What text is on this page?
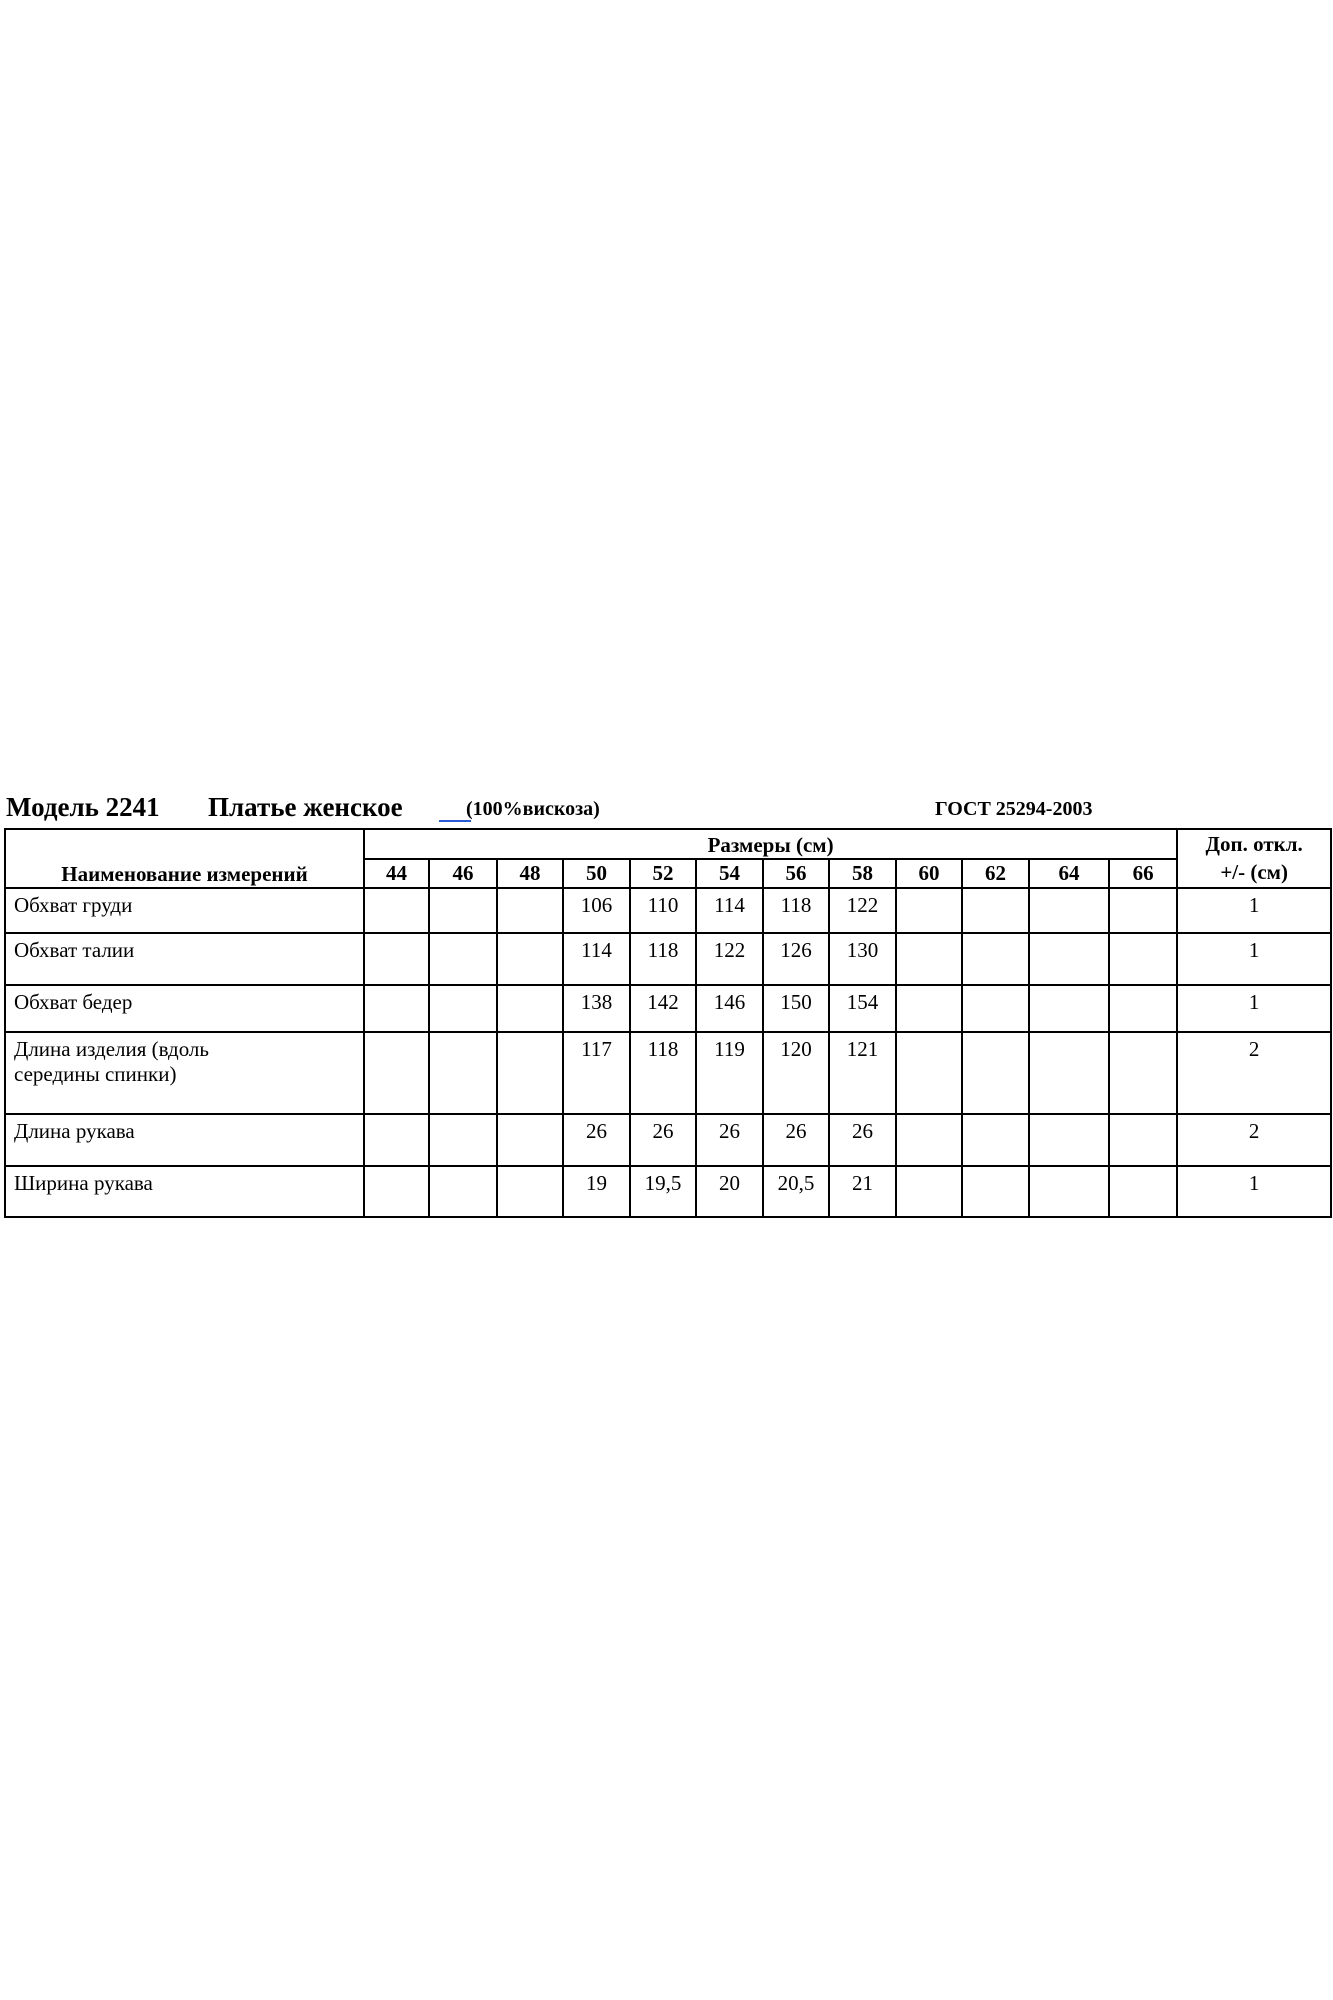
Модель 2241 Платье женское	(100%вискоза)	ГОСТ 25294-2003
Наименование измерений	Размеры (см)												Доп. откл.
+/- (см)

	44	46	48	50	52	54	56	58	60	62	64	66	

Обхват груди				106	110	114	118	122					1

Обхват талии				114	118	122	126	130					1

Обхват бедер				138	142	146	150	154					1

Длина изделия (вдоль
середины спинки)				117	118	119	120	121					2

Длина рукава				26	26	26	26	26					2

Ширина рукава				19	19,5	20	20,5	21					1
